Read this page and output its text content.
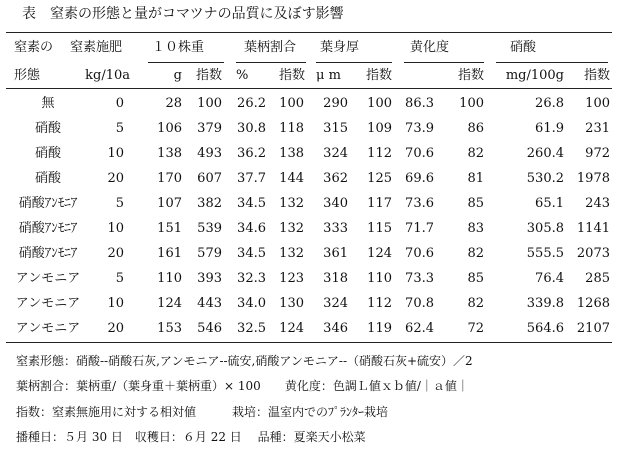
表 窒素の形態と量がコマツナの品質に及ぼす影響
窒素の 窒素施肥 １０株重	葉柄割合 葉身厚	黄化度	硝酸
形態	kg/10a	g 指数 % 指数 μ m 指数	指数 mg/100g 指数
無	0	28 100 26.2 100 290 100 86.3 100	26.8 100
硝酸	5	106 379 30.8 118 315 109 73.9	86	61.9 231
硝酸	10	138 493 36.2 138 324 112 70.6	82	260.4 972
硝酸	20	170 607 37.7 144 362 125 69.6	81	530.2 1978
硝酸ｱﾝﾓﾆｱ	5	107 382 34.5 132 340 117 73.6	85	65.1 243
硝酸ｱﾝﾓﾆｱ	10	151 539 34.6 132 333 115 71.7	83	305.8 1141
硝酸ｱﾝﾓﾆｱ	20	161 579 34.5 132 361 124 70.6	82	555.5 2073
アンモニア	5	110 393 32.3 123 318 110 73.3	85	76.4 285
アンモニア	10	124 443 34.0 130 324 112 70.8	82	339.8 1268
アンモニア	20	153 546 32.5 124 346 119 62.4	72	564.6 2107
窒素形態：硝酸--硝酸石灰,アンモニア--硫安,硝酸アンモニア--（硝酸石灰+硫安）／2
葉柄割合：葉柄重/（葉身重＋葉柄重）× 100　　黄化度：色調Ｌ値ｘｂ値/｜ａ値｜
指数：窒素無施用に対する相対値　　　栽培：温室内でのﾌﾟﾗﾝﾀｰ栽培
播種日：５月 30 日　収穫日：６月 22 日　 品種：夏楽天小松菜
